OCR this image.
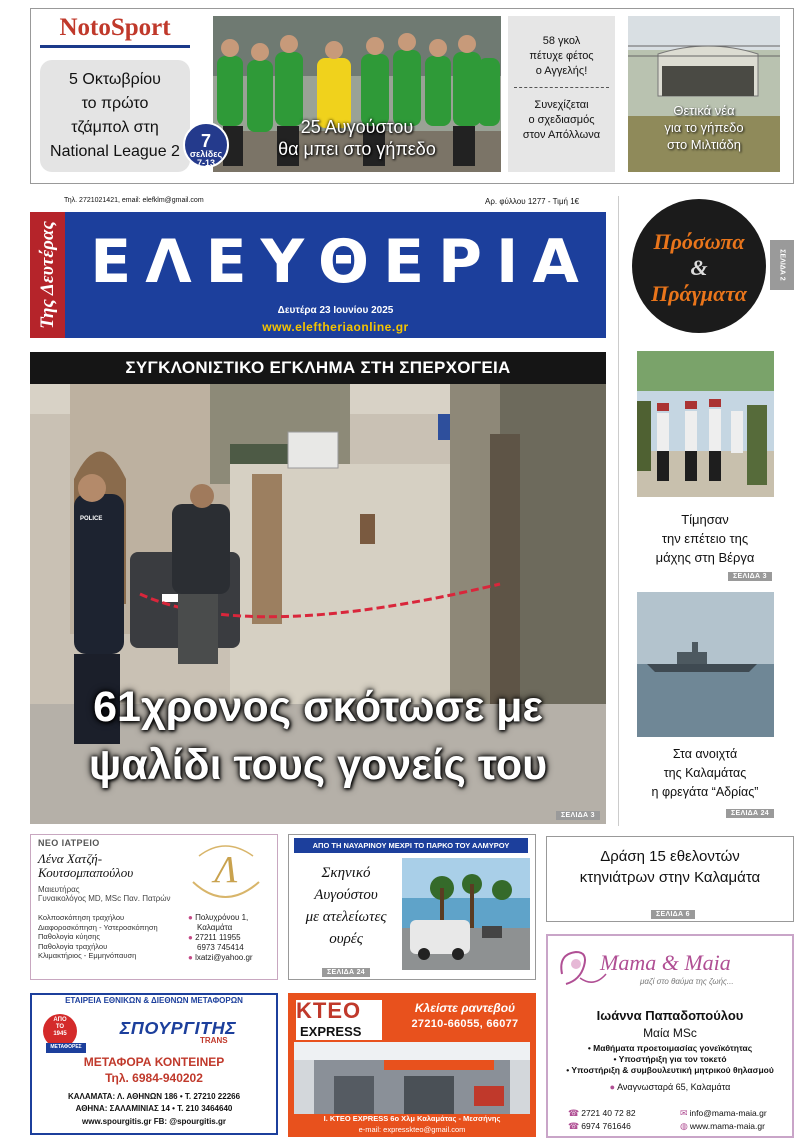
NotoSport
5 Οκτωβρίου
το πρώτο
τζάμπολ στη
National League 2
25 Αυγούστου
θα μπει στο γήπεδο
7
σελίδες 7-13

58 γκολ

πέτυχε φέτος

ο Αγγελής!

Συνεχίζεται

ο σχεδιασμός

στον Απόλλωνα

Θετικά νέα
για το γήπεδο
στο Μιλτιάδη
Τηλ. 2721021421, email: elefklm@gmail.com	Αρ. φύλλου 1277 - Τιμή 1€
Της Δευτέρας ΕΛΕΥΘΕΡΙΑ
Δευτέρα 23 Ιουνίου 2025
www.eleftheriaonline.gr
Πρόσωπα
&
Πράγματα
ΣΕΛΙΔΑ 2
Τίμησαν
την επέτειο της
μάχης στη Βέργα
ΣΕΛΙΔΑ 3
Στα ανοιχτά
της Καλαμάτας
η φρεγάτα “Αδρίας”
ΣΕΛΙΔΑ 24
ΣΥΓΚΛΟΝΙΣΤΙΚΟ ΕΓΚΛΗΜΑ ΣΤΗ ΣΠΕΡΧΟΓΕΙΑ
POLICE
61χρονος σκότωσε με
ψαλίδι τους γονείς του
ΣΕΛΙΔΑ 3
ΝΕΟ ΙΑΤΡΕΙΟ
Λένα Χατζή-
Κουτσομπαπούλου
Μαιευτήρας
Γυναικολόγος MD, MSc Παν. Πατρών
Κολποσκόπηση τραχήλου
Διαφοροσκόπηση - Υστεροσκόπηση
Παθολογία κύησης
Παθολογία τραχήλου
Κλιμακτήριος - Εμμηνόπαυση
Λ
● Πολυχρόνου 1,
Καλαμάτα
● 27211 11955
6973 745414
● lxatzi@yahoo.gr
ΑΠΟ ΤΗ ΝΑΥΑΡΙΝΟΥ ΜΕΧΡΙ ΤΟ ΠΑΡΚΟ ΤΟΥ ΑΛΜΥΡΟΥ
Σκηνικό
Αυγούστου
με ατελείωτες
ουρές
ΣΕΛΙΔΑ 24
Δράση 15 εθελοντών
κτηνιάτρων στην Καλαμάτα
ΣΕΛΙΔΑ 6
ΕΤΑΙΡΕΙΑ ΕΘΝΙΚΩΝ & ΔΙΕΘΝΩΝ ΜΕΤΑΦΟΡΩΝ
ΑΠΟ
ΤΟ
1945
ΜΕΤΑΦΟΡΕΣ
ΣΠΟΥΡΓΙΤΗΣ
TRANS
ΜΕΤΑΦΟΡΑ ΚΟΝΤΕΙΝΕΡ
Τηλ. 6984-940202
ΚΑΛΑΜΑΤΑ: Λ. ΑΘΗΝΩΝ 186 • Τ. 27210 22266
ΑΘΗΝΑ: ΣΑΛΑΜΙΝΙΑΣ 14 • Τ. 210 3464640
www.spourgitis.gr FB: @spourgitis.gr
ΚΤΕΟ
EXPRESS
Κλείστε ραντεβού
27210-66055, 66077
Ι. ΚΤΕΟ EXPRESS 6ο Χλμ Καλαμάτας - Μεσσήνης
e-mail: expresskteo@gmail.com
Mama & Maia
μαζί στο θαύμα της ζωής...
Ιωάννα Παπαδοπούλου
Μαία MSc
• Μαθήματα προετοιμασίας γονεϊκότητας
• Υποστήριξη για τον τοκετό
• Υποστήριξη & συμβουλευτική μητρικού θηλασμού
● Αναγνωσταρά 65, Καλαμάτα
☎ 2721 40 72 82
☎ 6974 761646
✉ info@mama-maia.gr
◍ www.mama-maia.gr
